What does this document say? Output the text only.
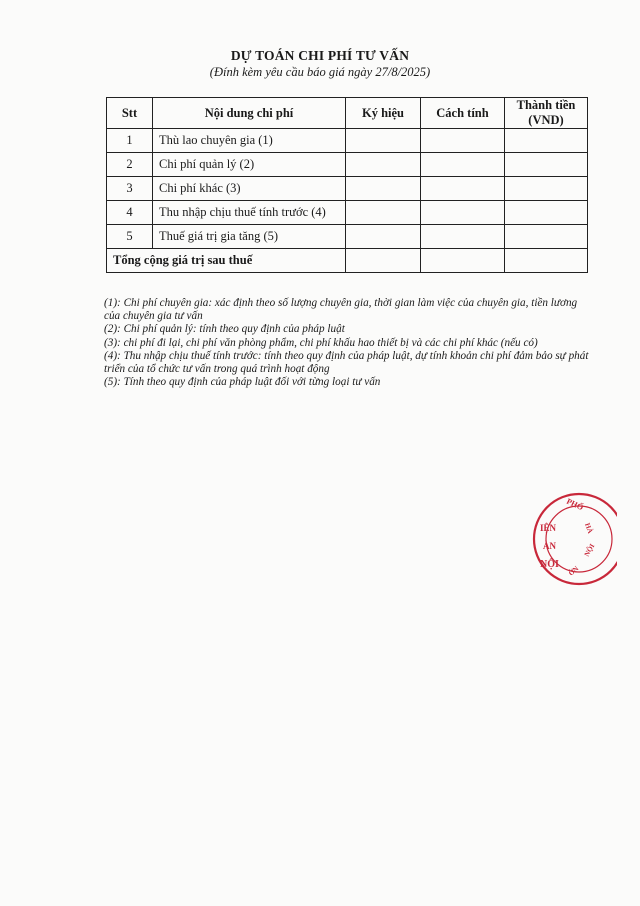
DỰ TOÁN CHI PHÍ TƯ VẤN
(Đính kèm yêu cầu báo giá ngày 27/8/2025)
Stt	Nội dung chi phí	Ký hiệu	Cách tính	Thành tiền (VND)
1	Thù lao chuyên gia (1)			
2	Chi phí quản lý (2)			
3	Chi phí khác (3)			
4	Thu nhập chịu thuế tính trước (4)			
5	Thuế giá trị gia tăng (5)			
Tổng cộng giá trị sau thuế				

(1): Chi phí chuyên gia: xác định theo số lượng chuyên gia, thời gian làm việc của chuyên gia, tiền lương của chuyên gia tư vấn

(2): Chi phí quản lý: tính theo quy định của pháp luật

(3): chi phí đi lại, chi phí văn phòng phẩm, chi phí khấu hao thiết bị và các chi phí khác (nếu có)

(4): Thu nhập chịu thuế tính trước: tính theo quy định của pháp luật, dự tính khoản chi phí đảm bảo sự phát triển của tổ chức tư vấn trong quá trình hoạt động

(5): Tính theo quy định của pháp luật đối với từng loại tư vấn

PHỐ
HÀ
NỘI
IỆN
ÀN
NỘI
ỚN
